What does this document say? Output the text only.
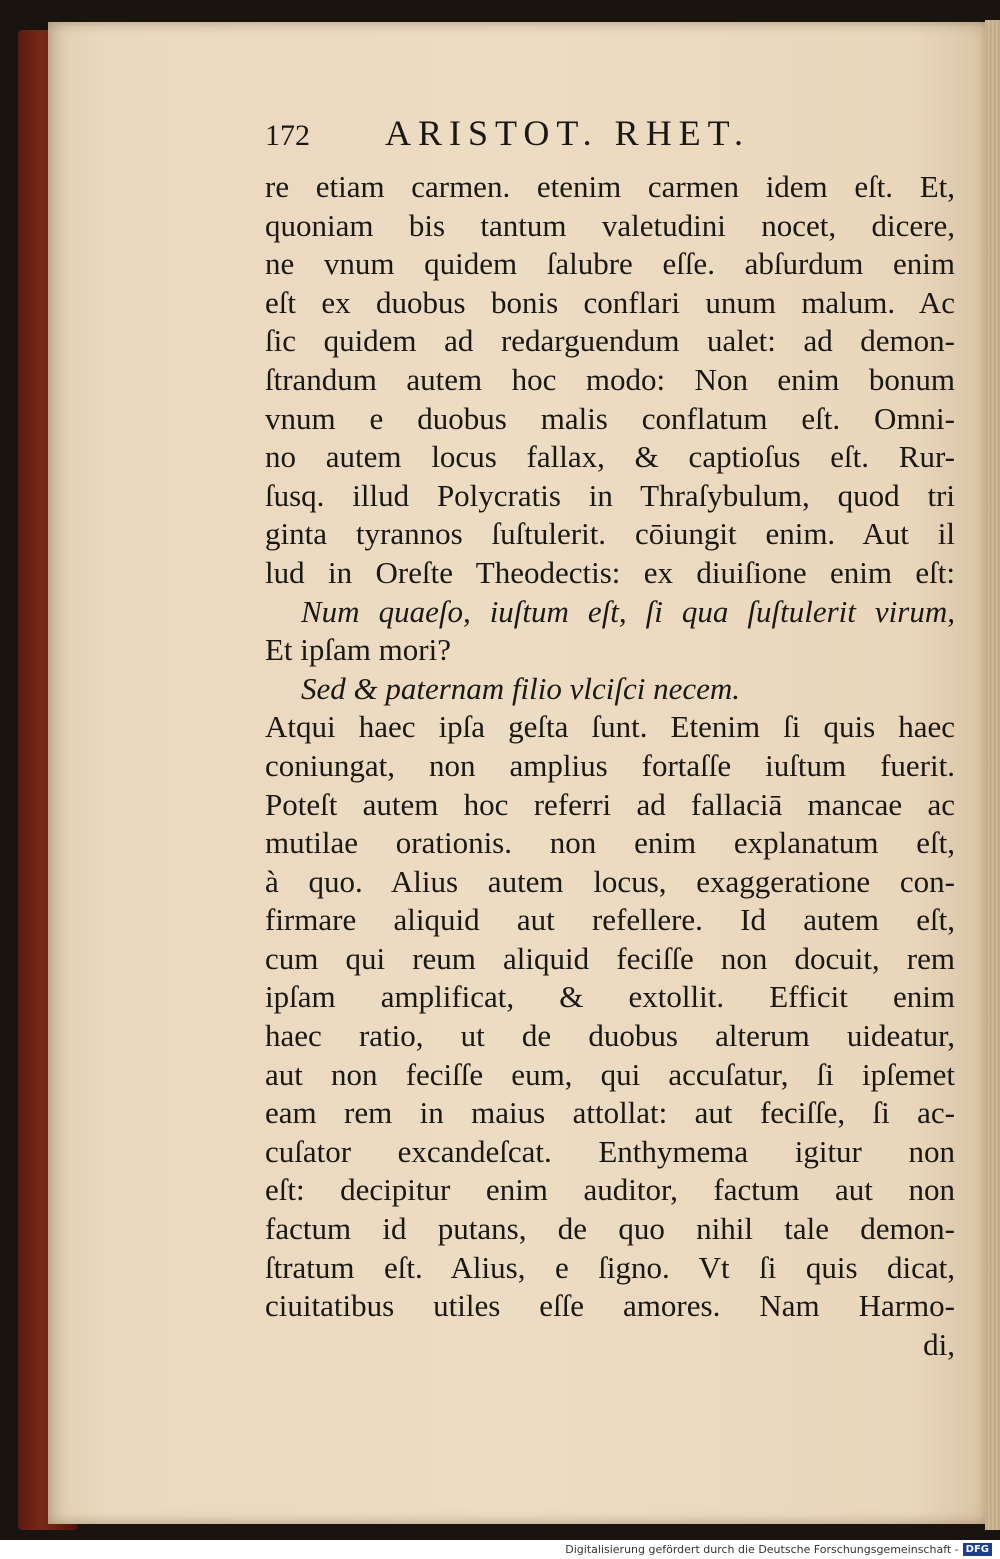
172	ARISTOT. RHET.
re etiam carmen. etenim carmen idem eſt. Et,
quoniam bis tantum valetudini nocet, dicere,
ne vnum quidem ſalubre eſſe. abſurdum enim
eſt ex duobus bonis conflari unum malum. Ac
ſic quidem ad redarguendum ualet: ad demon-
ſtrandum autem hoc modo: Non enim bonum
vnum e duobus malis conflatum eſt. Omni-
no autem locus fallax, & captioſus eſt. Rur-
ſusq. illud Polycratis in Thraſybulum, quod tri
ginta tyrannos ſuſtulerit. cōiungit enim. Aut il
lud in Oreſte Theodectis: ex diuiſione enim eſt:
Num quaeſo, iuſtum eſt, ſi qua ſuſtulerit virum,
Et ipſam mori?
Sed & paternam filio vlciſci necem.
Atqui haec ipſa geſta ſunt. Etenim ſi quis haec
coniungat, non amplius fortaſſe iuſtum fuerit.
Poteſt autem hoc referri ad fallaciā mancae ac
mutilae orationis. non enim explanatum eſt,
à quo. Alius autem locus, exaggeratione con-
firmare aliquid aut refellere. Id autem eſt,
cum qui reum aliquid feciſſe non docuit, rem
ipſam amplificat, & extollit. Efficit enim
haec ratio, ut de duobus alterum uideatur,
aut non feciſſe eum, qui accuſatur, ſi ipſemet
eam rem in maius attollat: aut feciſſe, ſi ac-
cuſator excandeſcat. Enthymema igitur non
eſt: decipitur enim auditor, factum aut non
factum id putans, de quo nihil tale demon-
ſtratum eſt. Alius, e ſigno. Vt ſi quis dicat,
ciuitatibus utiles eſſe amores. Nam Harmo-
di,
Digitalisierung gefördert durch die Deutsche Forschungsgemeinschaft - DFG
